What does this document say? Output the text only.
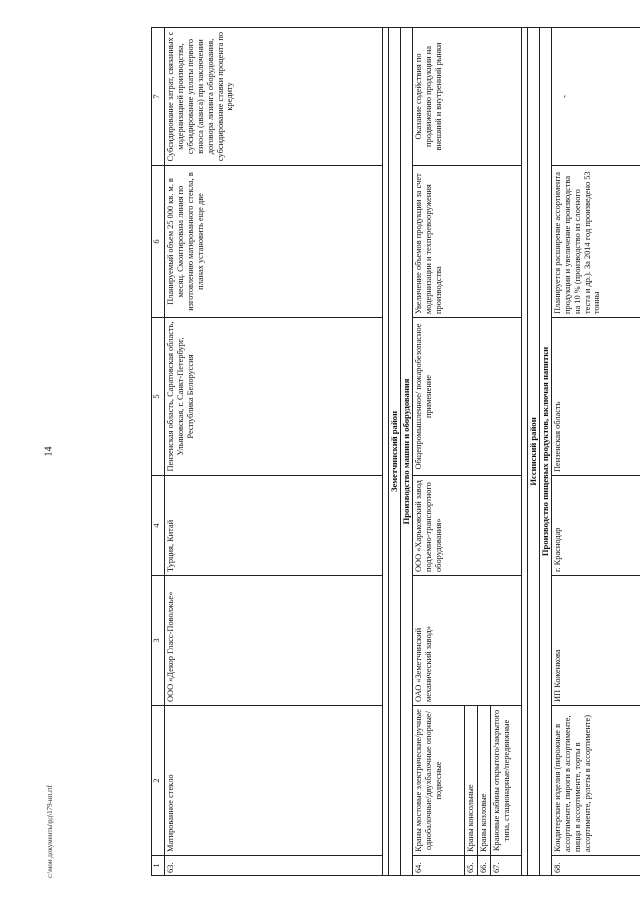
14
c:\мои документы\рд\179-ип.rtf	1	2	3	4	5	6	7
63.	Матированное стекло	ООО «Декор Гласс-Поволжье»	Турция, Китай	Пензенская область, Саратовская область, Ульяновская, г. Санкт-Петербург, Республика Белоруссия	Планируемый объем 25 000 кв. м. в месяц. Смонтирована линия по изготовлению матированного стекла, в планах установить еще две	Субсидирование затрат, связанных с модернизацией производства, субсидирование уплаты первого взноса (аванса) при заключении договора лизинга оборудования, субсидирование ставки процента по кредиту

Земетчинский район						
Производство машин и оборудования						
64.	Краны мостовые электрические/ручные однобалочные/двухбалочные опорные/подвесные	ОАО «Земетчинский механический завод»	ООО «Харьковский завод подъемно-транспортного оборудования»	Общепромышленное/ пожаробезопасное применение	Увеличение объемов продукции за счет модернизации и техперевооружения производства	Оказание содействия по продвижению продукции на внешний и внутренний рынки
65.	Краны консольные					
66.	Краны козловые					
67.	Крановые кабины открытого/закрытого типа, стационарные/передвижные					

Иссинский район						
Производство пищевых продуктов, включая напитки						
68.	Кондитерские изделия (пирожные в ассортименте, пироги в ассортименте, пицца в ассортименте, торты в ассортименте, рулеты в ассортименте)	ИП Коженкова	г. Краснодар	Пензенская область	Планируется расширение ассортимента продукции и увеличение производства на 10 % (производство из слоеного теста и др.). За 2014 год произведено 53 тонны	-
